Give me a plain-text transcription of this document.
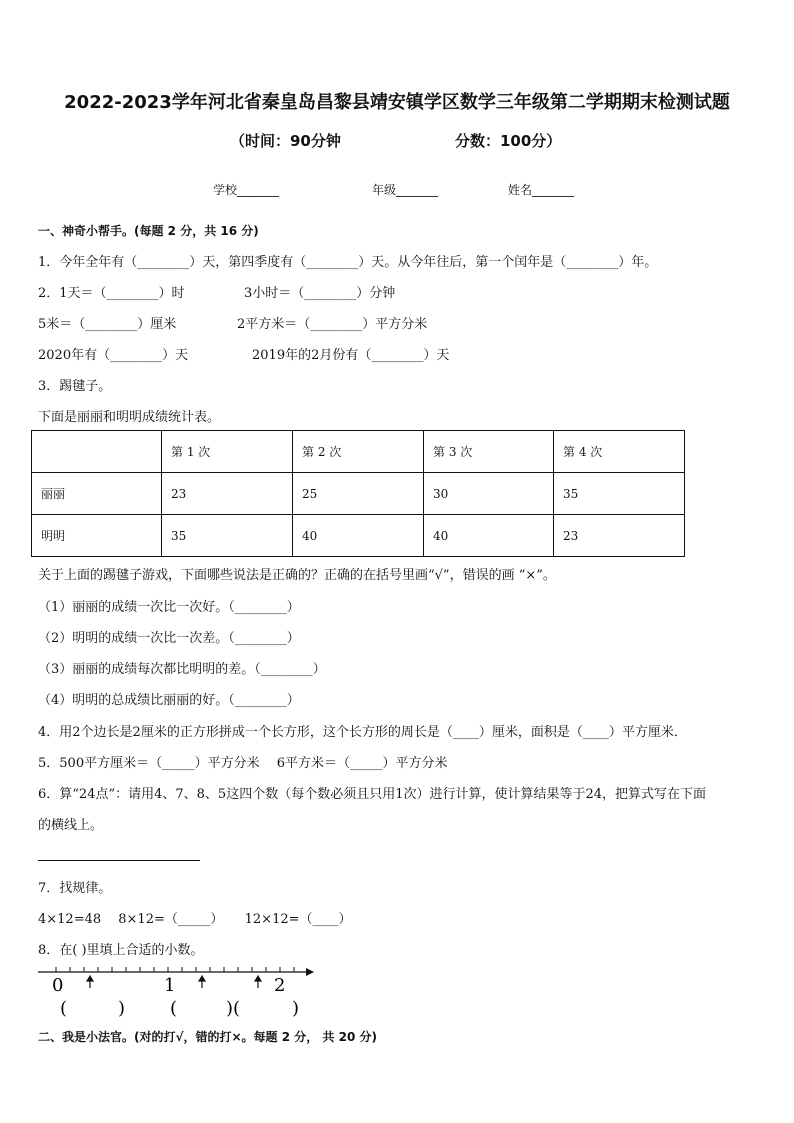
2022-2023学年河北省秦皇岛昌黎县靖安镇学区数学三年级第二学期期末检测试题
（时间：90分钟	分数：100分）
学校_______	年级_______	姓名_______
一、神奇小帮手。(每题 2 分，共 16 分)
1．今年全年有（________）天，第四季度有（________）天。从今年往后，第一个闰年是（________）年。
2．1天＝（________）时	3小时＝（________）分钟
5米＝（________）厘米	2平方米＝（________）平方分米
2020年有（________）天	2019年的2月份有（________）天
3．踢毽子。
下面是丽丽和明明成绩统计表。
	第 1 次	第 2 次	第 3 次	第 4 次
丽丽	23	25	30	35
明明	35	40	40	23
关于上面的踢毽子游戏，下面哪些说法是正确的？正确的在括号里画“√”，错误的画 “×”。
（1）丽丽的成绩一次比一次好。（________）
（2）明明的成绩一次比一次差。（________）
（3）丽丽的成绩每次都比明明的差。（________）
（4）明明的总成绩比丽丽的好。（________）
4．用2个边长是2厘米的正方形拼成一个长方形，这个长方形的周长是（____）厘米，面积是（____）平方厘米．
5．500平方厘米＝（_____）平方分米 　6平方米＝（_____）平方分米
6．算“24点”：请用4、7、8、5这四个数（每个数必须且只用1次）进行计算，使计算结果等于24，把算式写在下面
的横线上。
7．找规律。
4×12=48　 8×12=（_____） 　 12×12=（____）
8．在( )里填上合适的小数。
0	1	2
(	) (	)(	)
二、我是小法官。(对的打√，错的打×。每题 2 分， 共 20 分)
